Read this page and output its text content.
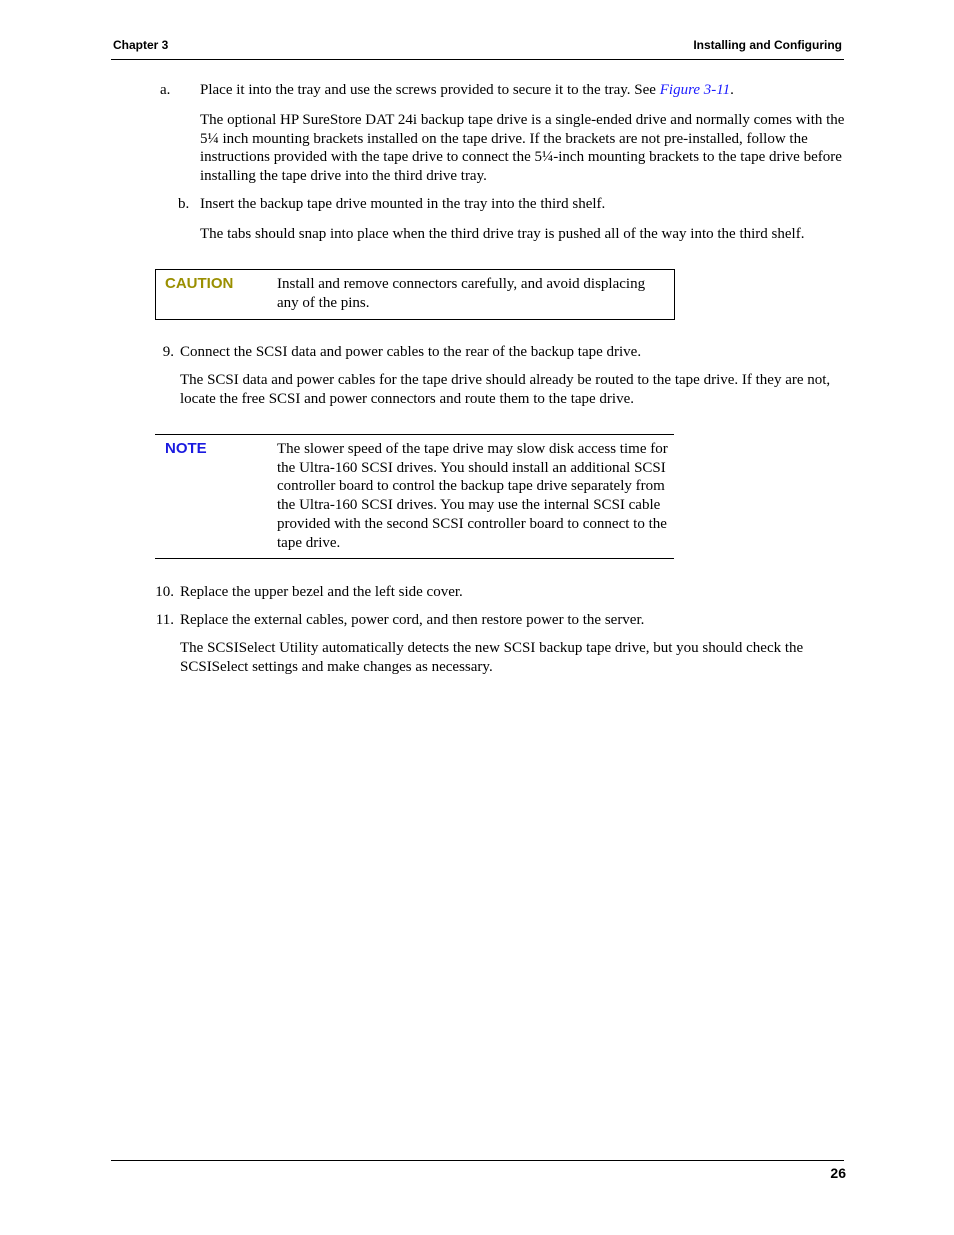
Chapter 3	Installing and Configuring
a.	Place it into the tray and use the screws provided to secure it to the tray. See Figure 3-11.

The optional HP SureStore DAT 24i backup tape drive is a single-ended drive and normally comes with the 5¼ inch mounting brackets installed on the tape drive. If the brackets are not pre-installed, follow the instructions provided with the tape drive to connect the 5¼-inch mounting brackets to the tape drive before installing the tape drive into the third drive tray.

b. Insert the backup tape drive mounted in the tray into the third shelf.

The tabs should snap into place when the third drive tray is pushed all of the way into the third shelf.

CAUTION	Install and remove connectors carefully, and avoid displacing any of the pins.

9. Connect the SCSI data and power cables to the rear of the backup tape drive.

The SCSI data and power cables for the tape drive should already be routed to the tape drive. If they are not, locate the free SCSI and power connectors and route them to the tape drive.

NOTE	The slower speed of the tape drive may slow disk access time for the Ultra-160 SCSI drives. You should install an additional SCSI controller board to control the backup tape drive separately from the Ultra-160 SCSI drives. You may use the internal SCSI cable provided with the second SCSI controller board to connect to the tape drive.

10. Replace the upper bezel and the left side cover.

11. Replace the external cables, power cord, and then restore power to the server.

The SCSISelect Utility automatically detects the new SCSI backup tape drive, but you should check the SCSISelect settings and make changes as necessary.

26
